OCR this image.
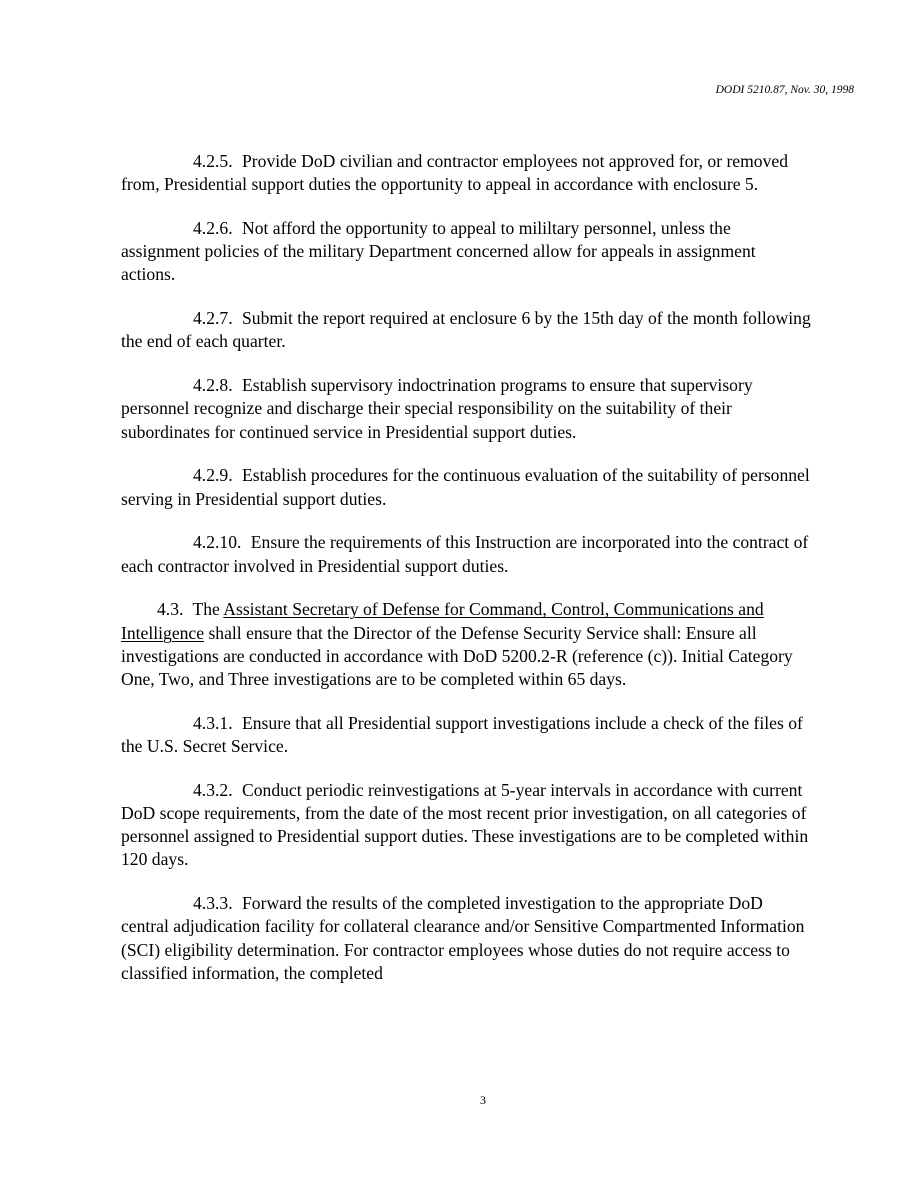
DODI 5210.87, Nov. 30, 1998

4.2.5. Provide DoD civilian and contractor employees not approved for, or removed from, Presidential support duties the opportunity to appeal in accordance with enclosure 5.

4.2.6. Not afford the opportunity to appeal to mililtary personnel, unless the assignment policies of the military Department concerned allow for appeals in assignment actions.

4.2.7. Submit the report required at enclosure 6 by the 15th day of the month following the end of each quarter.

4.2.8. Establish supervisory indoctrination programs to ensure that supervisory personnel recognize and discharge their special responsibility on the suitability of their subordinates for continued service in Presidential support duties.

4.2.9. Establish procedures for the continuous evaluation of the suitability of personnel serving in Presidential support duties.

4.2.10. Ensure the requirements of this Instruction are incorporated into the contract of each contractor involved in Presidential support duties.

4.3. The Assistant Secretary of Defense for Command, Control, Communications and Intelligence shall ensure that the Director of the Defense Security Service shall: Ensure all investigations are conducted in accordance with DoD 5200.2-R (reference (c)). Initial Category One, Two, and Three investigations are to be completed within 65 days.

4.3.1. Ensure that all Presidential support investigations include a check of the files of the U.S. Secret Service.

4.3.2. Conduct periodic reinvestigations at 5-year intervals in accordance with current DoD scope requirements, from the date of the most recent prior investigation, on all categories of personnel assigned to Presidential support duties. These investigations are to be completed within 120 days.

4.3.3. Forward the results of the completed investigation to the appropriate DoD central adjudication facility for collateral clearance and/or Sensitive Compartmented Information (SCI) eligibility determination. For contractor employees whose duties do not require access to classified information, the completed

3
